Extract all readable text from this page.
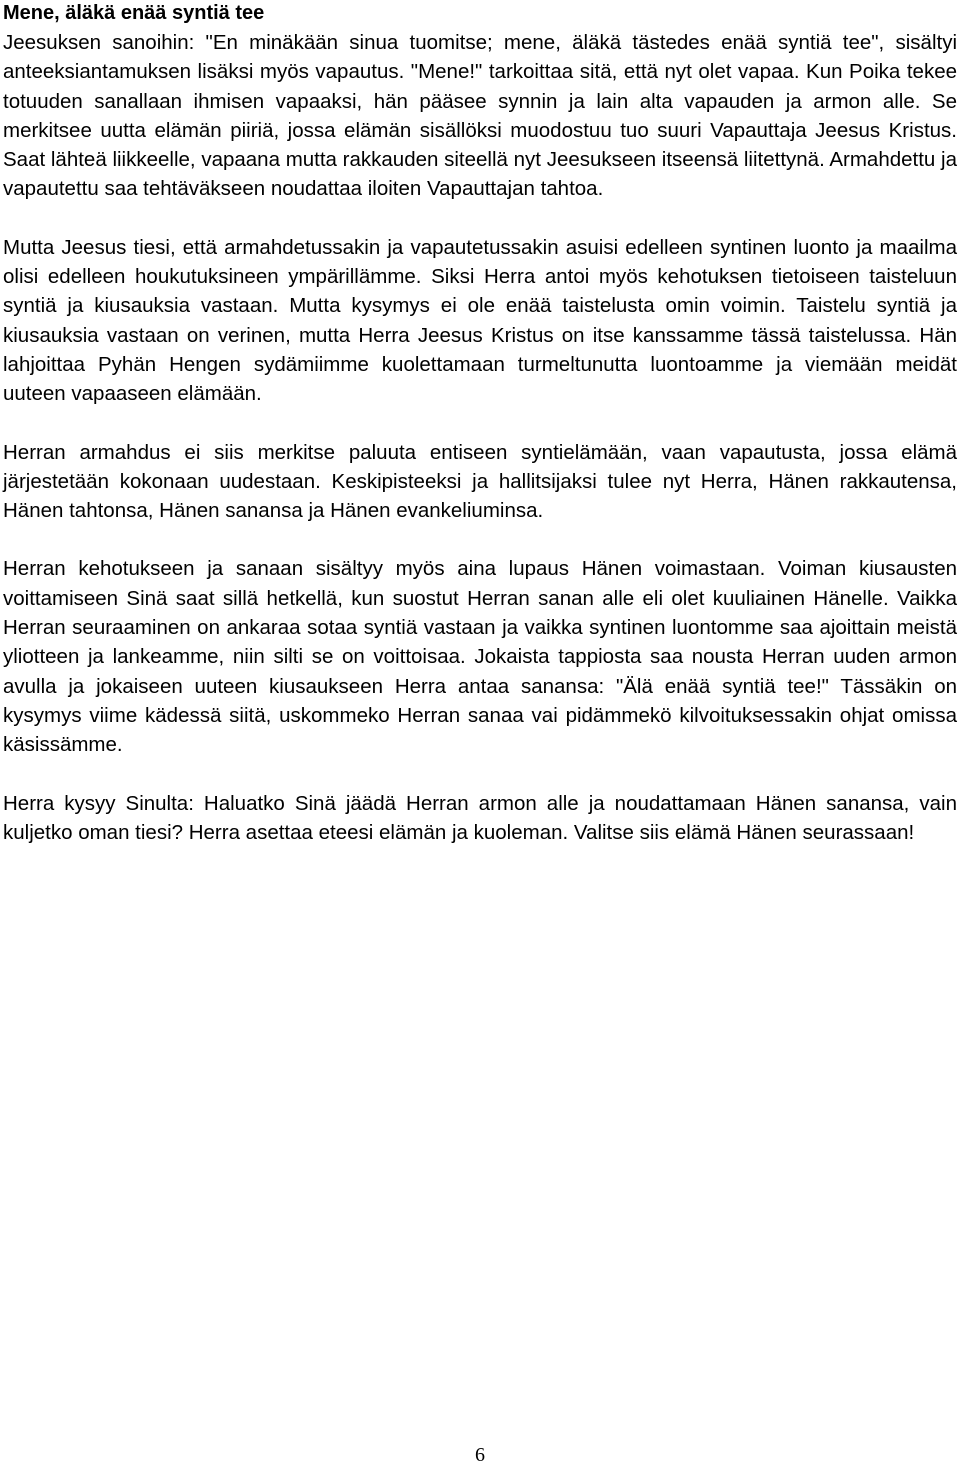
Mene, äläkä enää syntiä tee

Jeesuksen sanoihin: "En minäkään sinua tuomitse; mene, äläkä tästedes enää syntiä tee", sisältyi anteeksiantamuksen lisäksi myös vapautus. "Mene!" tarkoittaa sitä, että nyt olet vapaa. Kun Poika tekee totuuden sanallaan ihmisen vapaaksi, hän pääsee synnin ja lain alta vapauden ja armon alle. Se merkitsee uutta elämän piiriä, jossa elämän sisällöksi muodostuu tuo suuri Vapauttaja Jeesus Kristus. Saat lähteä liikkeelle, vapaana mutta rakkauden siteellä nyt Jeesukseen itseensä liitettynä. Armahdettu ja vapautettu saa tehtäväkseen noudattaa iloiten Vapauttajan tahtoa.

Mutta Jeesus tiesi, että armahdetussakin ja vapautetussakin asuisi edelleen syntinen luonto ja maailma olisi edelleen houkutuksineen ympärillämme. Siksi Herra antoi myös kehotuksen tietoiseen taisteluun syntiä ja kiusauksia vastaan. Mutta kysymys ei ole enää taistelusta omin voimin. Taistelu syntiä ja kiusauksia vastaan on verinen, mutta Herra Jeesus Kristus on itse kanssamme tässä taistelussa. Hän lahjoittaa Pyhän Hengen sydämiimme kuolettamaan turmeltunutta luontoamme ja viemään meidät uuteen vapaaseen elämään.

Herran armahdus ei siis merkitse paluuta entiseen syntielämään, vaan vapautusta, jossa elämä järjestetään kokonaan uudestaan. Keskipisteeksi ja hallitsijaksi tulee nyt Herra, Hänen rakkautensa, Hänen tahtonsa, Hänen sanansa ja Hänen evankeliuminsa.

Herran kehotukseen ja sanaan sisältyy myös aina lupaus Hänen voimastaan. Voiman kiusausten voittamiseen Sinä saat sillä hetkellä, kun suostut Herran sanan alle eli olet kuuliainen Hänelle. Vaikka Herran seuraaminen on ankaraa sotaa syntiä vastaan ja vaikka syntinen luontomme saa ajoittain meistä yliotteen ja lankeamme, niin silti se on voittoisaa. Jokaista tappiosta saa nousta Herran uuden armon avulla ja jokaiseen uuteen kiusaukseen Herra antaa sanansa: "Älä enää syntiä tee!" Tässäkin on kysymys viime kädessä siitä, uskommeko Herran sanaa vai pidämmekö kilvoituksessakin ohjat omissa käsissämme.

Herra kysyy Sinulta: Haluatko Sinä jäädä Herran armon alle ja noudattamaan Hänen sanansa, vain kuljetko oman tiesi? Herra asettaa eteesi elämän ja kuoleman. Valitse siis elämä Hänen seurassaan!

6
